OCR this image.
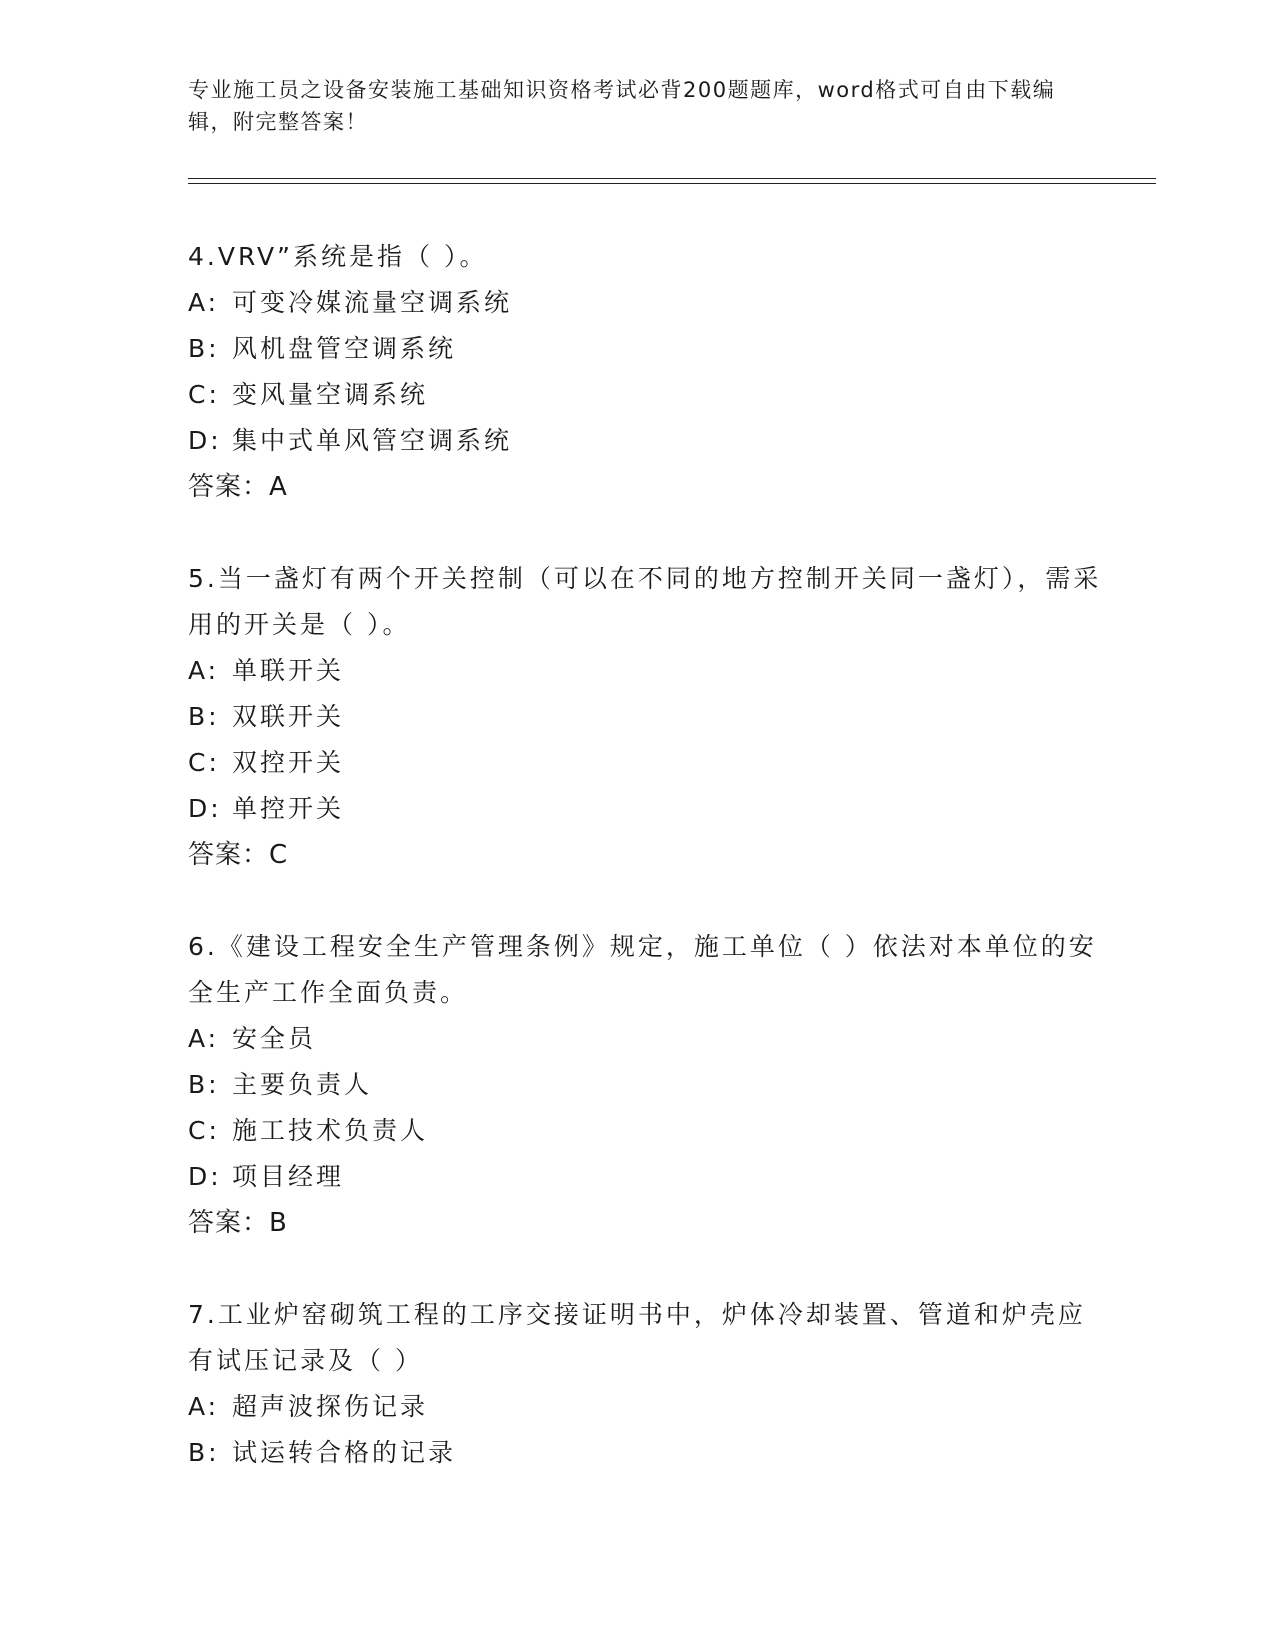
专业施工员之设备安装施工基础知识资格考试必背200题题库，word格式可自由下载编辑，附完整答案！

4.VRV”系统是指（ ）。

A: 可变冷媒流量空调系统
B: 风机盘管空调系统
C: 变风量空调系统
D: 集中式单风管空调系统
答案：A

5.当一盏灯有两个开关控制（可以在不同的地方控制开关同一盏灯），需采用的开关是（ ）。

A: 单联开关
B: 双联开关
C: 双控开关
D: 单控开关
答案：C

6.《建设工程安全生产管理条例》规定，施工单位（ ）依法对本单位的安全生产工作全面负责。

A: 安全员
B: 主要负责人
C: 施工技术负责人
D: 项目经理
答案：B

7.工业炉窑砌筑工程的工序交接证明书中，炉体冷却装置、管道和炉壳应有试压记录及（ ）

A: 超声波探伤记录
B: 试运转合格的记录
